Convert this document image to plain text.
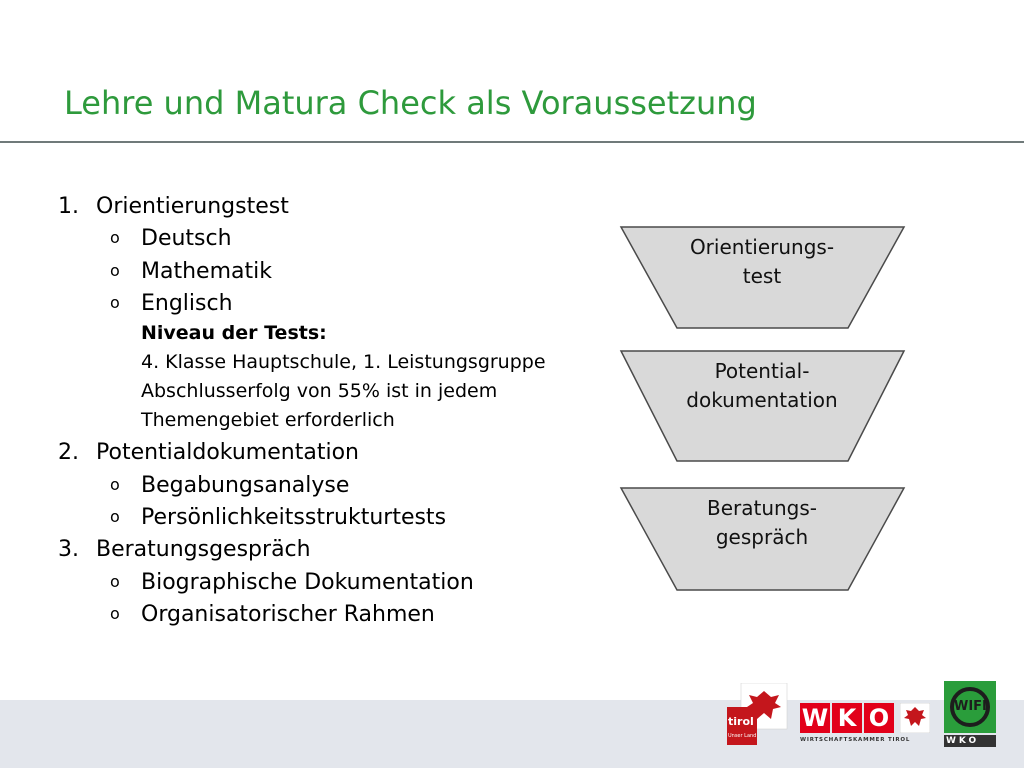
Lehre und Matura Check als Voraussetzung
1. Orientierungstest
o Deutsch
o Mathematik
o Englisch
Niveau der Tests:
4. Klasse Hauptschule, 1. Leistungsgruppe
Abschlusserfolg von 55% ist in jedem
Themengebiet erforderlich
2. Potentialdokumentation
o Begabungsanalyse
o Persönlichkeitsstrukturtests
3. Beratungsgespräch
o Biographische Dokumentation
o Organisatorischer Rahmen
Orientierungs-
test
Potential-
dokumentation
Beratungs-
gespräch
tirol
Unser Land
W K O
WIRTSCHAFTSKAMMER TIROL
WIFI
WKO
